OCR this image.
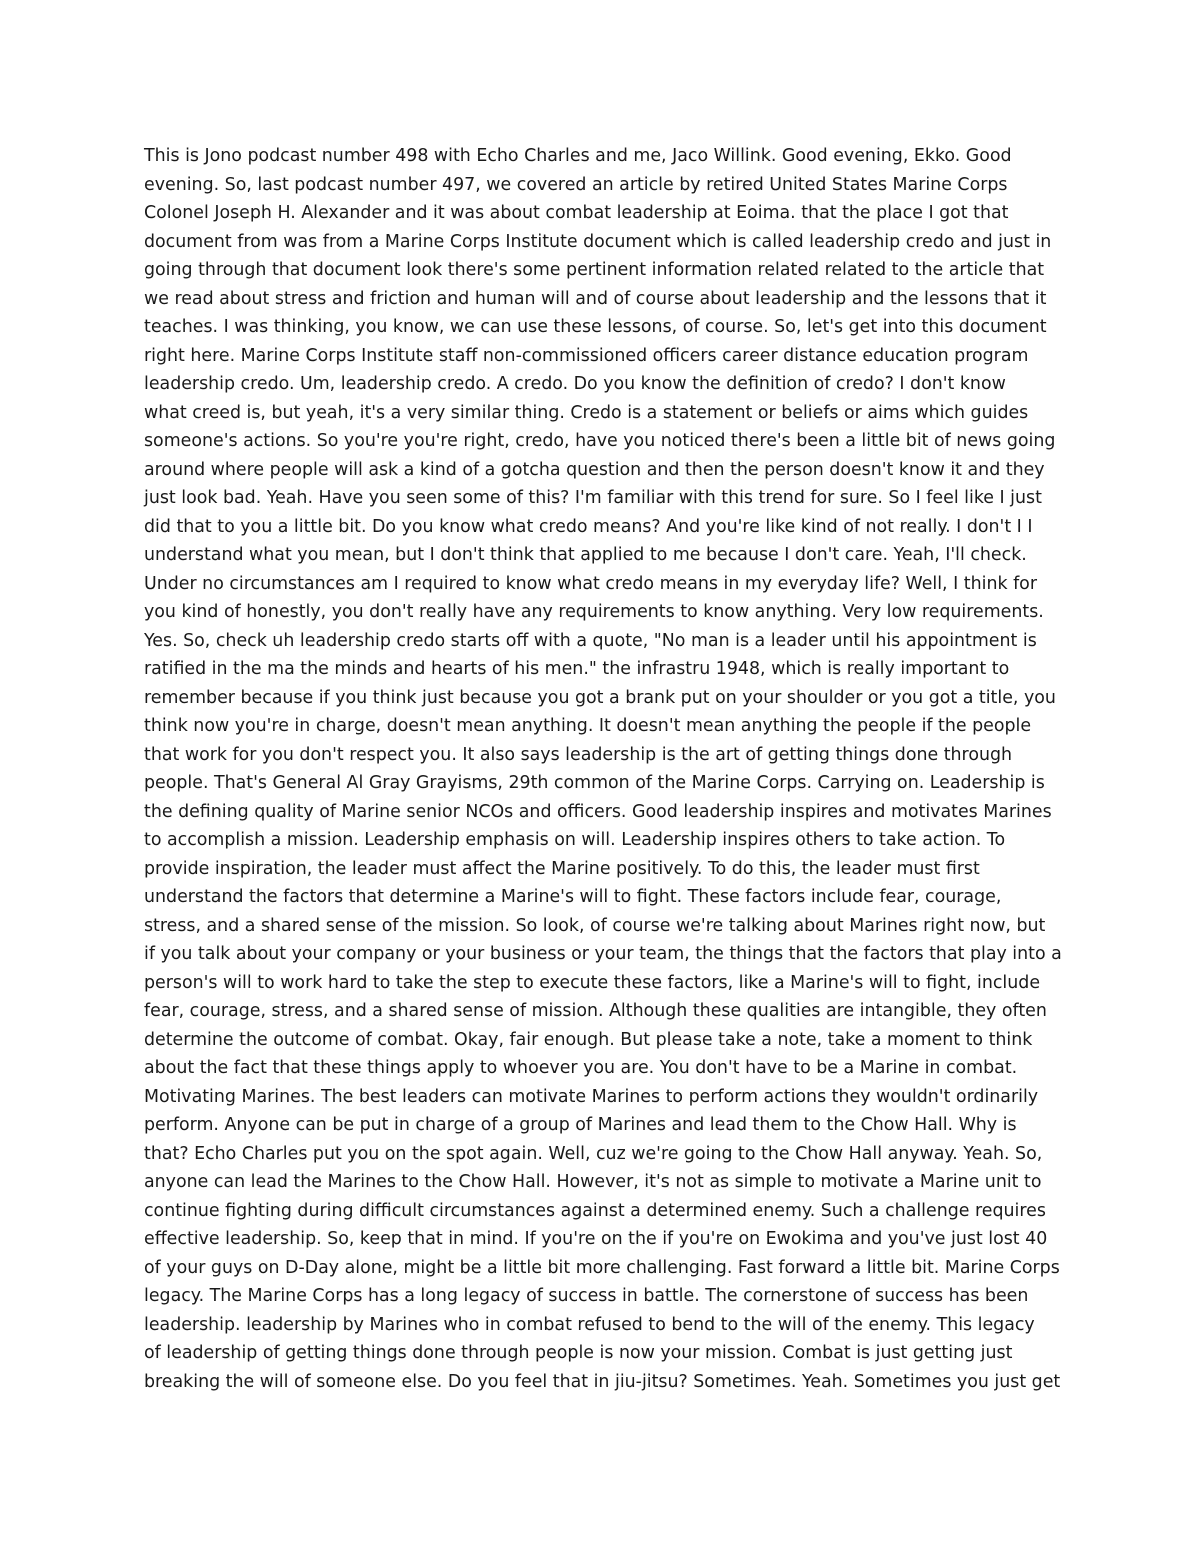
This is Jono podcast number 498 with Echo Charles and me, Jaco Willink. Good evening, Ekko. Good
evening. So, last podcast number 497, we covered an article by retired United States Marine Corps
Colonel Joseph H. Alexander and it was about combat leadership at Eoima. that the place I got that
document from was from a Marine Corps Institute document which is called leadership credo and just in
going through that document look there's some pertinent information related related to the article that
we read about stress and friction and human will and of course about leadership and the lessons that it
teaches. I was thinking, you know, we can use these lessons, of course. So, let's get into this document
right here. Marine Corps Institute staff non-commissioned officers career distance education program
leadership credo. Um, leadership credo. A credo. Do you know the definition of credo? I don't know
what creed is, but yeah, it's a very similar thing. Credo is a statement or beliefs or aims which guides
someone's actions. So you're you're right, credo, have you noticed there's been a little bit of news going
around where people will ask a kind of a gotcha question and then the person doesn't know it and they
just look bad. Yeah. Have you seen some of this? I'm familiar with this trend for sure. So I feel like I just
did that to you a little bit. Do you know what credo means? And you're like kind of not really. I don't I I
understand what you mean, but I don't think that applied to me because I don't care. Yeah, I'll check.
Under no circumstances am I required to know what credo means in my everyday life? Well, I think for
you kind of honestly, you don't really have any requirements to know anything. Very low requirements.
Yes. So, check uh leadership credo starts off with a quote, "No man is a leader until his appointment is
ratified in the ma the minds and hearts of his men." the infrastru 1948, which is really important to
remember because if you think just because you got a brank put on your shoulder or you got a title, you
think now you're in charge, doesn't mean anything. It doesn't mean anything the people if the people
that work for you don't respect you. It also says leadership is the art of getting things done through
people. That's General Al Gray Grayisms, 29th common of the Marine Corps. Carrying on. Leadership is
the defining quality of Marine senior NCOs and officers. Good leadership inspires and motivates Marines
to accomplish a mission. Leadership emphasis on will. Leadership inspires others to take action. To
provide inspiration, the leader must affect the Marine positively. To do this, the leader must first
understand the factors that determine a Marine's will to fight. These factors include fear, courage,
stress, and a shared sense of the mission. So look, of course we're talking about Marines right now, but
if you talk about your company or your business or your team, the things that the factors that play into a
person's will to work hard to take the step to execute these factors, like a Marine's will to fight, include
fear, courage, stress, and a shared sense of mission. Although these qualities are intangible, they often
determine the outcome of combat. Okay, fair enough. But please take a note, take a moment to think
about the fact that these things apply to whoever you are. You don't have to be a Marine in combat.
Motivating Marines. The best leaders can motivate Marines to perform actions they wouldn't ordinarily
perform. Anyone can be put in charge of a group of Marines and lead them to the Chow Hall. Why is
that? Echo Charles put you on the spot again. Well, cuz we're going to the Chow Hall anyway. Yeah. So,
anyone can lead the Marines to the Chow Hall. However, it's not as simple to motivate a Marine unit to
continue fighting during difficult circumstances against a determined enemy. Such a challenge requires
effective leadership. So, keep that in mind. If you're on the if you're on Ewokima and you've just lost 40
of your guys on D-Day alone, might be a little bit more challenging. Fast forward a little bit. Marine Corps
legacy. The Marine Corps has a long legacy of success in battle. The cornerstone of success has been
leadership. leadership by Marines who in combat refused to bend to the will of the enemy. This legacy
of leadership of getting things done through people is now your mission. Combat is just getting just
breaking the will of someone else. Do you feel that in jiu-jitsu? Sometimes. Yeah. Sometimes you just get
